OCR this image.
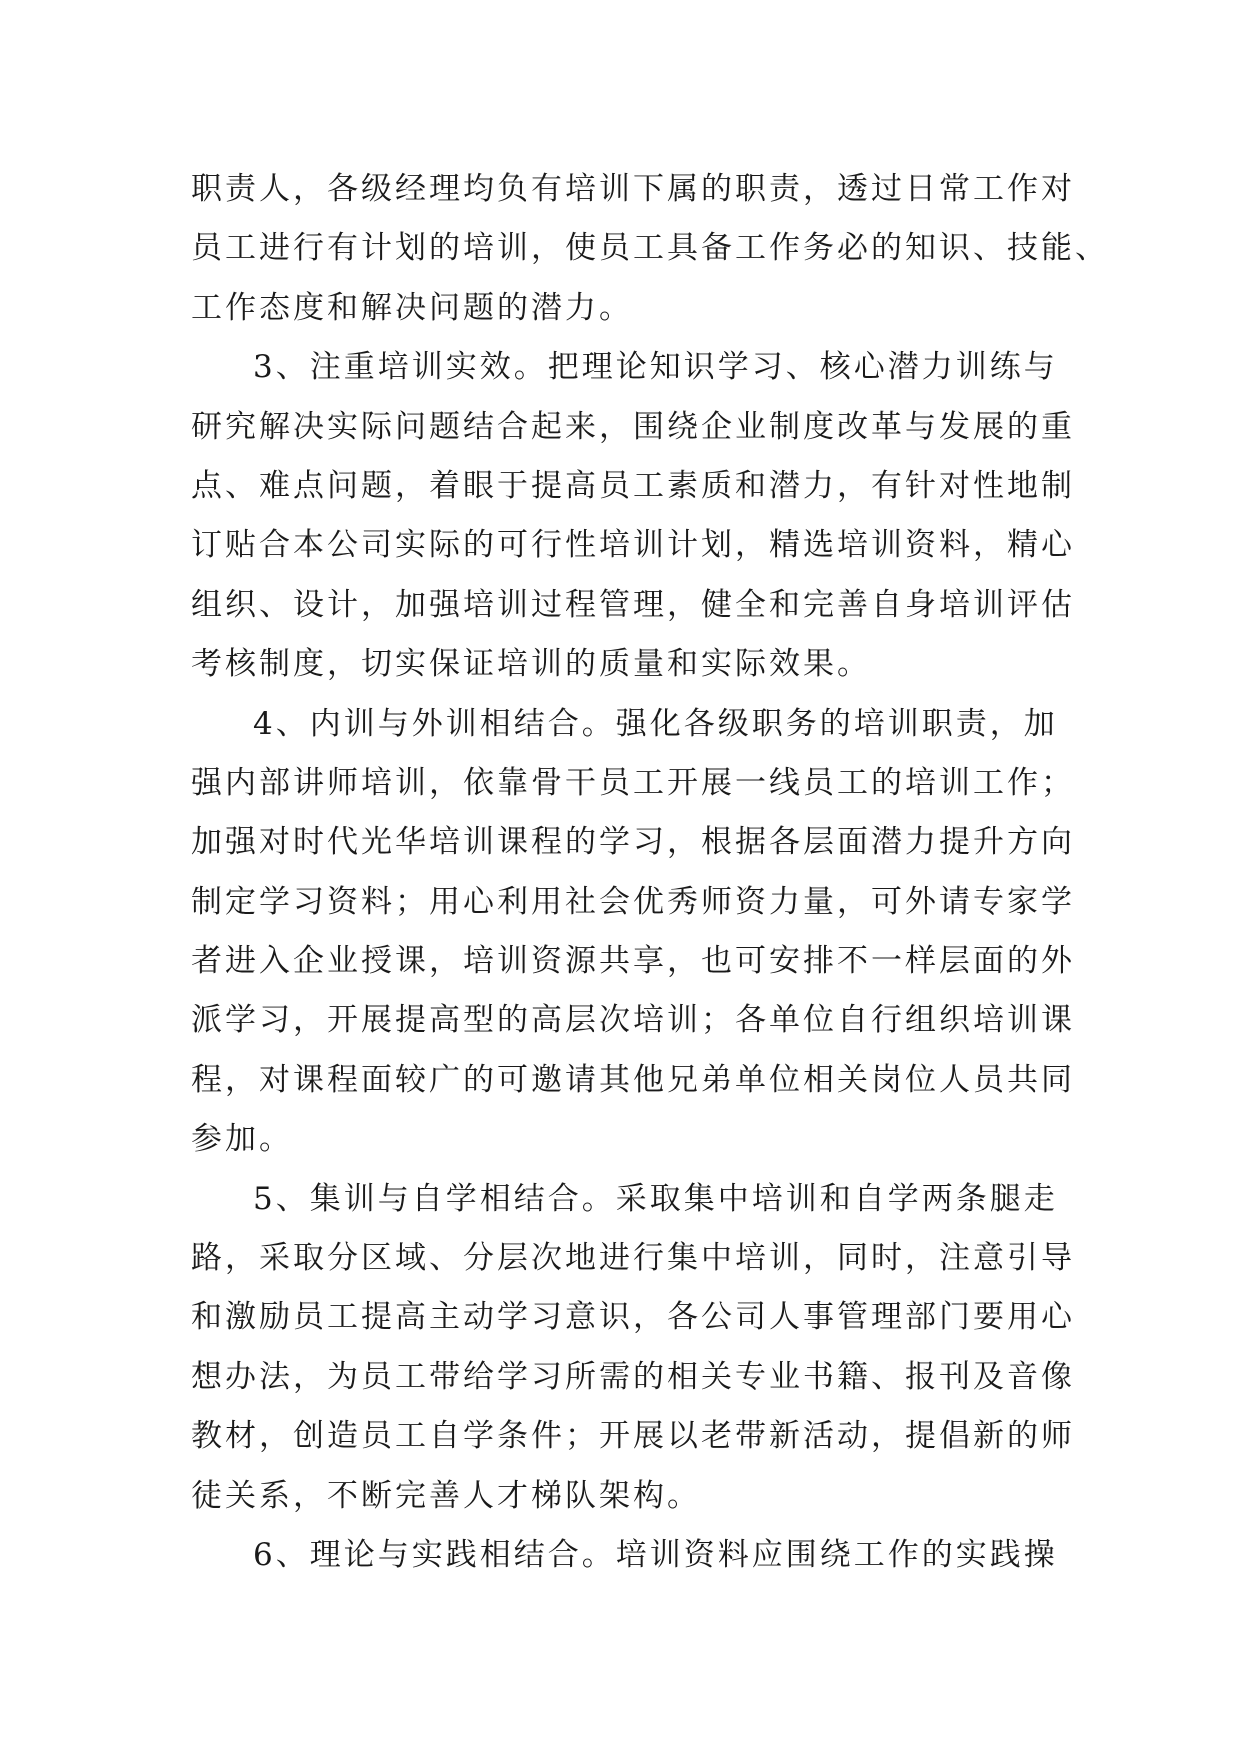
职责人，各级经理均负有培训下属的职责，透过日常工作对
员工进行有计划的培训，使员工具备工作务必的知识、技能、
工作态度和解决问题的潜力。
3、注重培训实效。把理论知识学习、核心潜力训练与
研究解决实际问题结合起来，围绕企业制度改革与发展的重
点、难点问题，着眼于提高员工素质和潜力，有针对性地制
订贴合本公司实际的可行性培训计划，精选培训资料，精心
组织、设计，加强培训过程管理，健全和完善自身培训评估
考核制度，切实保证培训的质量和实际效果。
4、内训与外训相结合。强化各级职务的培训职责，加
强内部讲师培训，依靠骨干员工开展一线员工的培训工作；
加强对时代光华培训课程的学习，根据各层面潜力提升方向
制定学习资料；用心利用社会优秀师资力量，可外请专家学
者进入企业授课，培训资源共享，也可安排不一样层面的外
派学习，开展提高型的高层次培训；各单位自行组织培训课
程，对课程面较广的可邀请其他兄弟单位相关岗位人员共同
参加。
5、集训与自学相结合。采取集中培训和自学两条腿走
路，采取分区域、分层次地进行集中培训，同时，注意引导
和激励员工提高主动学习意识，各公司人事管理部门要用心
想办法，为员工带给学习所需的相关专业书籍、报刊及音像
教材，创造员工自学条件；开展以老带新活动，提倡新的师
徒关系，不断完善人才梯队架构。
6、理论与实践相结合。培训资料应围绕工作的实践操
